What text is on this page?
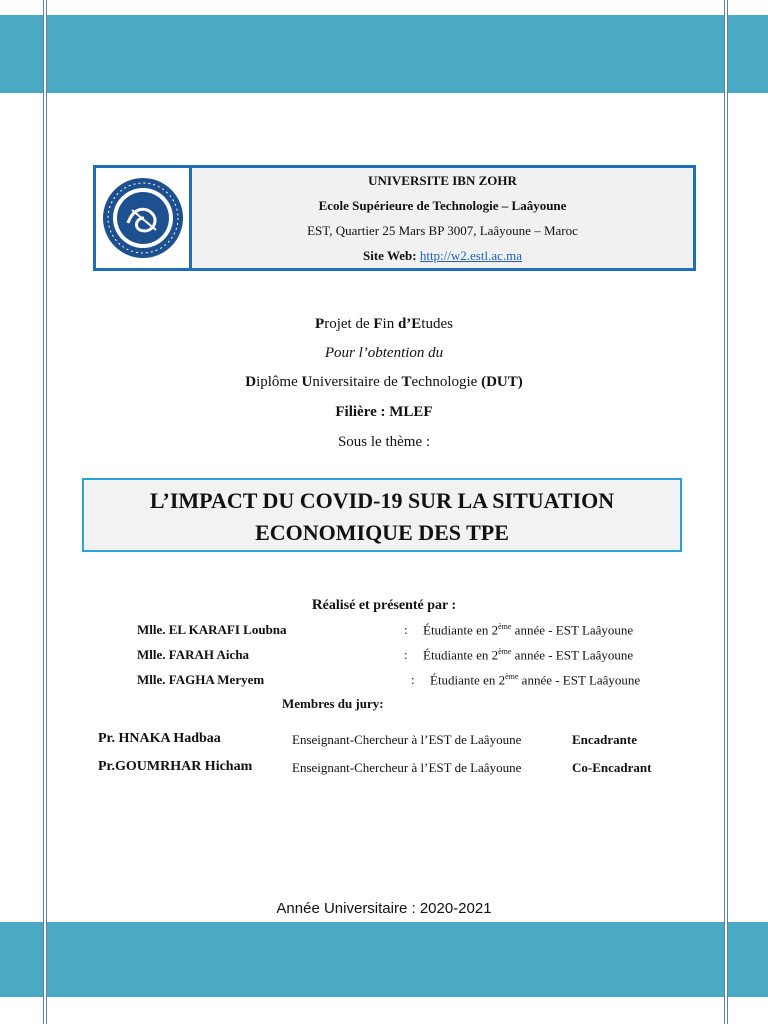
UNIVERSITE IBN ZOHR
Ecole Supérieure de Technologie – Laâyoune
EST, Quartier 25 Mars BP 3007, Laâyoune – Maroc
Site Web: http://w2.estl.ac.ma
Projet de Fin d’Etudes
Pour l’obtention du
Diplôme Universitaire de Technologie (DUT)
Filière : MLEF
Sous le thème :
L’IMPACT DU COVID-19 SUR LA SITUATION
ECONOMIQUE DES TPE
Réalisé et présenté par :
Mlle. EL KARAFI Loubna	: Étudiante en 2ème année - EST Laâyoune
Mlle. FARAH Aicha	: Étudiante en 2ème année - EST Laâyoune
Mlle. FAGHA Meryem	: Étudiante en 2ème année - EST Laâyoune
Membres du jury:
Pr. HNAKA Hadbaa	Enseignant-Chercheur à l’EST de Laâyoune	Encadrante
Pr.GOUMRHAR Hicham	Enseignant-Chercheur à l’EST de Laâyoune	Co-Encadrant
Année Universitaire : 2020-2021
